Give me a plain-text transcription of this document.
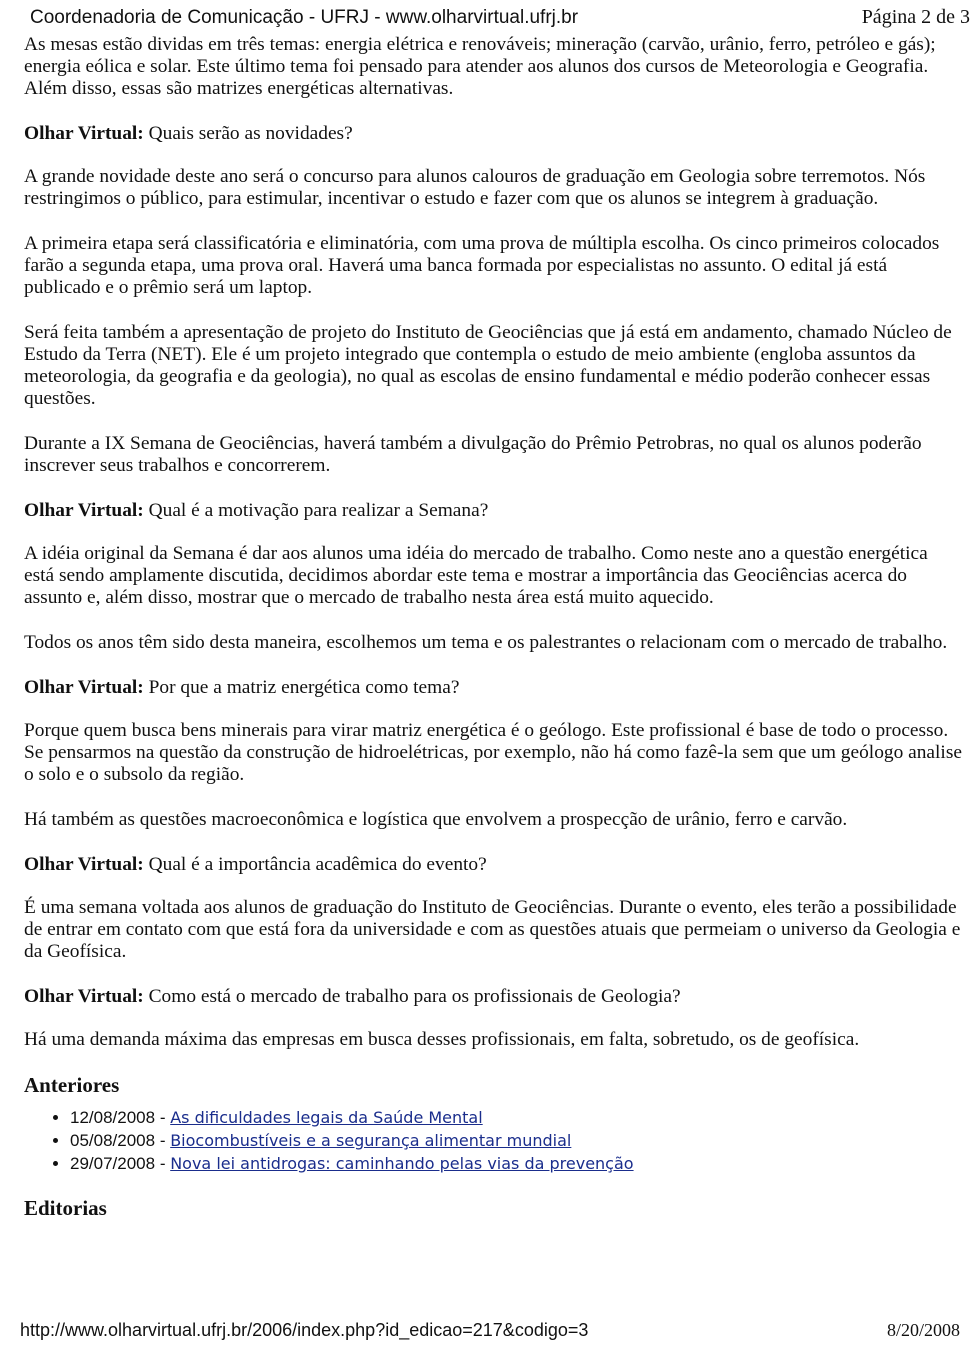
Coordenadoria de Comunicação - UFRJ - www.olharvirtual.ufrj.br	Página 2 de 3

As mesas estão dividas em três temas: energia elétrica e renováveis; mineração (carvão, urânio, ferro, petróleo e gás); energia eólica e solar. Este último tema foi pensado para atender aos alunos dos cursos de Meteorologia e Geografia. Além disso, essas são matrizes energéticas alternativas.

Olhar Virtual: Quais serão as novidades?

A grande novidade deste ano será o concurso para alunos calouros de graduação em Geologia sobre terremotos. Nós restringimos o público, para estimular, incentivar o estudo e fazer com que os alunos se integrem à graduação.

A primeira etapa será classificatória e eliminatória, com uma prova de múltipla escolha. Os cinco primeiros colocados farão a segunda etapa, uma prova oral. Haverá uma banca formada por especialistas no assunto. O edital já está publicado e o prêmio será um laptop.

Será feita também a apresentação de projeto do Instituto de Geociências que já está em andamento, chamado Núcleo de Estudo da Terra (NET). Ele é um projeto integrado que contempla o estudo de meio ambiente (engloba assuntos da meteorologia, da geografia e da geologia), no qual as escolas de ensino fundamental e médio poderão conhecer essas questões.

Durante a IX Semana de Geociências, haverá também a divulgação do Prêmio Petrobras, no qual os alunos poderão inscrever seus trabalhos e concorrerem.

Olhar Virtual: Qual é a motivação para realizar a Semana?

A idéia original da Semana é dar aos alunos uma idéia do mercado de trabalho. Como neste ano a questão energética está sendo amplamente discutida, decidimos abordar este tema e mostrar a importância das Geociências acerca do assunto e, além disso, mostrar que o mercado de trabalho nesta área está muito aquecido.

Todos os anos têm sido desta maneira, escolhemos um tema e os palestrantes o relacionam com o mercado de trabalho.

Olhar Virtual: Por que a matriz energética como tema?

Porque quem busca bens minerais para virar matriz energética é o geólogo. Este profissional é base de todo o processo. Se pensarmos na questão da construção de hidroelétricas, por exemplo, não há como fazê-la sem que um geólogo analise o solo e o subsolo da região.

Há também as questões macroeconômica e logística que envolvem a prospecção de urânio, ferro e carvão.

Olhar Virtual: Qual é a importância acadêmica do evento?

É uma semana voltada aos alunos de graduação do Instituto de Geociências. Durante o evento, eles terão a possibilidade de entrar em contato com que está fora da universidade e com as questões atuais que permeiam o universo da Geologia e da Geofísica.

Olhar Virtual: Como está o mercado de trabalho para os profissionais de Geologia?

Há uma demanda máxima das empresas em busca desses profissionais, em falta, sobretudo, os de geofísica.

Anteriores
• 12/08/2008 - As dificuldades legais da Saúde Mental
• 05/08/2008 - Biocombustíveis e a segurança alimentar mundial
• 29/07/2008 - Nova lei antidrogas: caminhando pelas vias da prevenção
Editorias
http://www.olharvirtual.ufrj.br/2006/index.php?id_edicao=217&codigo=3	8/20/2008
